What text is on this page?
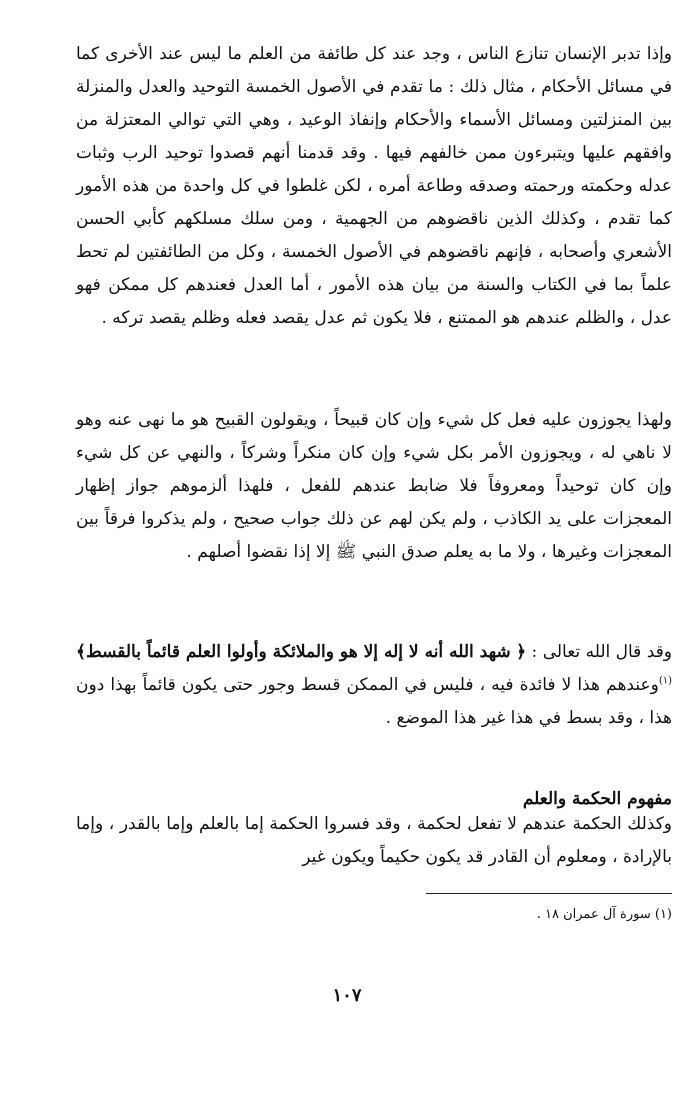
وإذا تدبر الإنسان تنازع الناس ، وجد عند كل طائفة من العلم ما ليس عند الأخرى كما في مسائل الأحكام ، مثال ذلك : ما تقدم في الأصول الخمسة التوحيد والعدل والمنزلة بين المنزلتين ومسائل الأسماء والأحكام وإنفاذ الوعيد ، وهي التي توالي المعتزلة من وافقهم عليها ويتبرءون ممن خالفهم فيها . وقد قدمنا أنهم قصدوا توحيد الرب وثبات عدله وحكمته ورحمته وصدقه وطاعة أمره ، لكن غلطوا في كل واحدة من هذه الأمور كما تقدم ، وكذلك الذين ناقضوهم من الجهمية ، ومن سلك مسلكهم كأبي الحسن الأشعري وأصحابه ، فإنهم ناقضوهم في الأصول الخمسة ، وكل من الطائفتين لم تحط علماً بما في الكتاب والسنة من بيان هذه الأمور ، أما العدل فعندهم كل ممكن فهو عدل ، والظلم عندهم هو الممتنع ، فلا يكون ثم عدل يقصد فعله وظلم يقصد تركه .

ولهذا يجوزون عليه فعل كل شيء وإن كان قبيحاً ، ويقولون القبيح هو ما نهى عنه وهو لا ناهي له ، ويجوزون الأمر بكل شيء وإن كان منكراً وشركاً ، والنهي عن كل شيء وإن كان توحيداً ومعروفاً فلا ضابط عندهم للفعل ، فلهذا ألزموهم جواز إظهار المعجزات على يد الكاذب ، ولم يكن لهم عن ذلك جواب صحيح ، ولم يذكروا فرقاً بين المعجزات وغيرها ، ولا ما به يعلم صدق النبي ﷺ إلا إذا نقضوا أصلهم .

وقد قال الله تعالى : ﴿ شهد الله أنه لا إله إلا هو والملائكة وأولوا العلم قائماً بالقسط﴾$^{(١)}$وعندهم هذا لا فائدة فيه ، فليس في الممكن قسط وجور حتى يكون قائماً بهذا دون هذا ، وقد بسط في هذا غير هذا الموضع .

مفهوم الحكمة والعلم

وكذلك الحكمة عندهم لا تفعل لحكمة ، وقد فسروا الحكمة إما بالعلم وإما بالقدر ، وإما بالإرادة ، ومعلوم أن القادر قد يكون حكيماً ويكون غير

(١) سورة آل عمران ١٨ .

١٠٧
